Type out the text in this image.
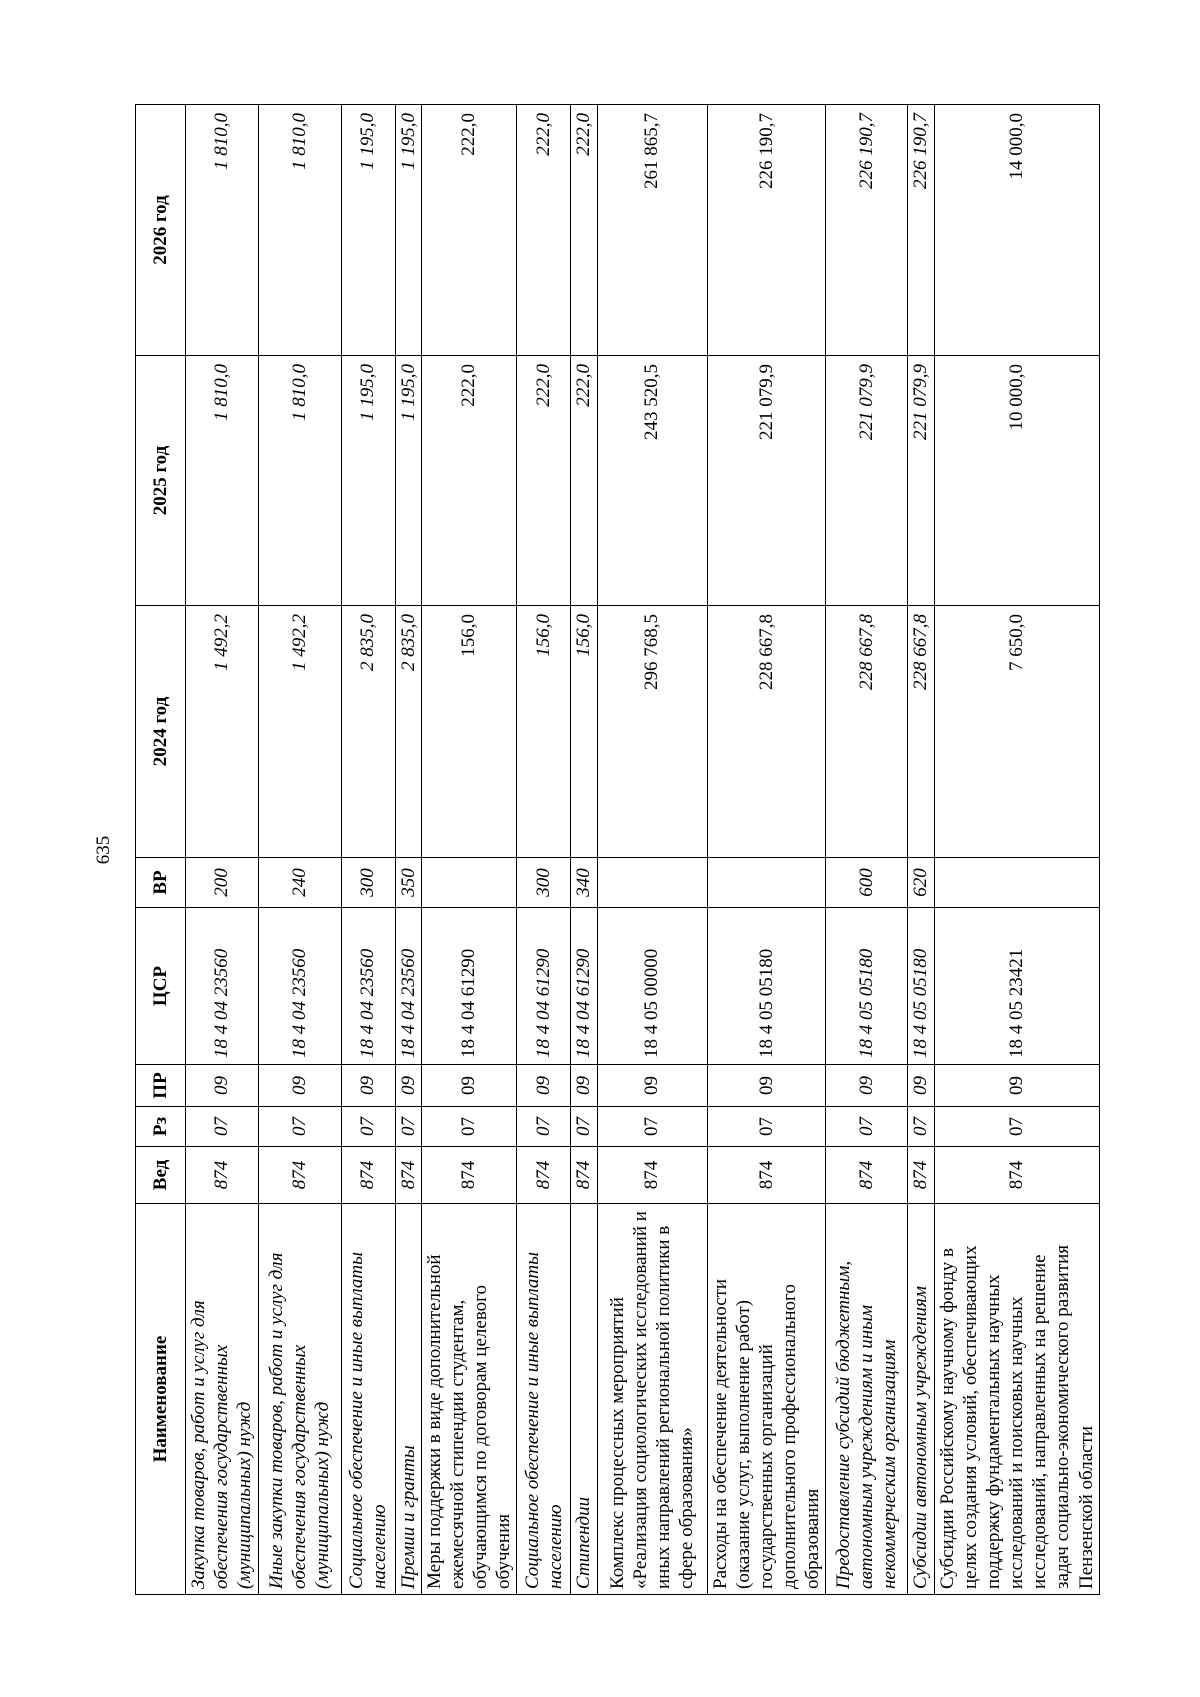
635
Наименование	Вед	Рз	ПР	ЦСР	ВР	2024 год	2025 год	2026 год
Закупка товаров, работ и услуг для обеспечения государственных (муниципальных) нужд	874	07	09	18 4 04 23560	200	1 492,2	1 810,0	1 810,0
Иные закупки товаров, работ и услуг для обеспечения государственных (муниципальных) нужд	874	07	09	18 4 04 23560	240	1 492,2	1 810,0	1 810,0
Социальное обеспечение и иные выплаты населению	874	07	09	18 4 04 23560	300	2 835,0	1 195,0	1 195,0
Премии и гранты	874	07	09	18 4 04 23560	350	2 835,0	1 195,0	1 195,0
Меры поддержки в виде дополнительной ежемесячной стипендии студентам, обучающимся по договорам целевого обучения	874	07	09	18 4 04 61290		156,0	222,0	222,0
Социальное обеспечение и иные выплаты населению	874	07	09	18 4 04 61290	300	156,0	222,0	222,0
Стипендии	874	07	09	18 4 04 61290	340	156,0	222,0	222,0
Комплекс процессных мероприятий «Реализация социологических исследований и иных направлений региональной политики в сфере образования»	874	07	09	18 4 05 00000		296 768,5	243 520,5	261 865,7
Расходы на обеспечение деятельности (оказание услуг, выполнение работ) государственных организаций дополнительного профессионального образования	874	07	09	18 4 05 05180		228 667,8	221 079,9	226 190,7
Предоставление субсидий бюджетным, автономным учреждениям и иным некоммерческим организациям	874	07	09	18 4 05 05180	600	228 667,8	221 079,9	226 190,7
Субсидии автономным учреждениям	874	07	09	18 4 05 05180	620	228 667,8	221 079,9	226 190,7
Субсидии Российскому научному фонду в целях создания условий, обеспечивающих поддержку фундаментальных научных исследований и поисковых научных исследований, направленных на решение задач социально-экономического развития Пензенской области	874	07	09	18 4 05 23421		7 650,0	10 000,0	14 000,0
